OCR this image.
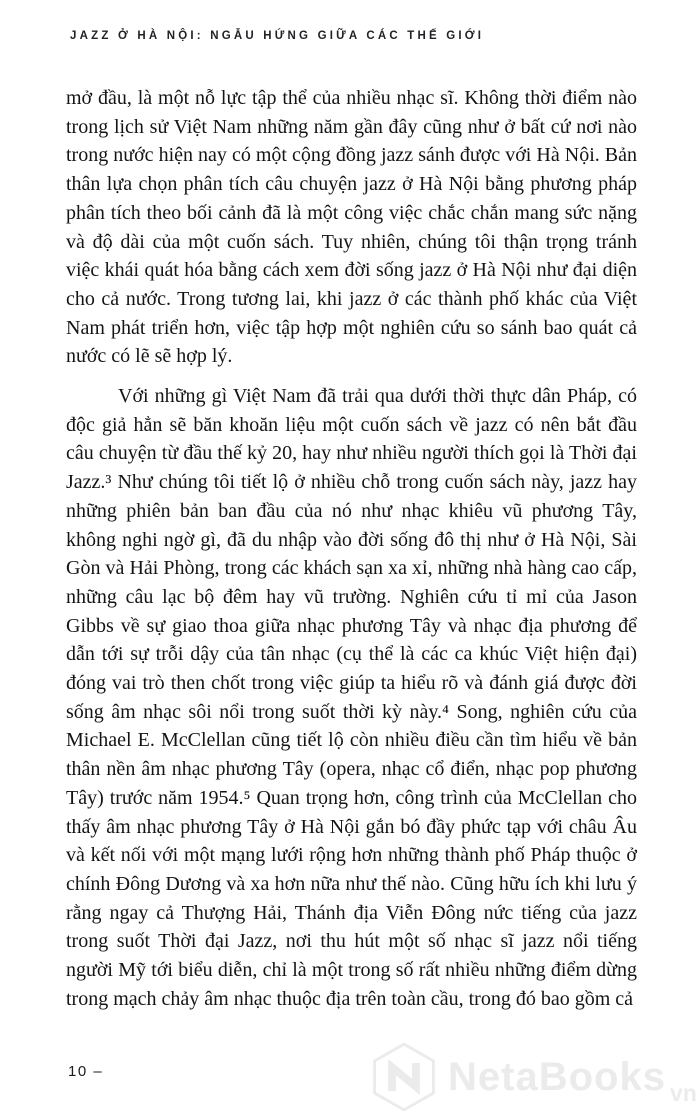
JAZZ Ở HÀ NỘI: NGẪU HỨNG GIỮA CÁC THẾ GIỚI

mở đầu, là một nỗ lực tập thể của nhiều nhạc sĩ. Không thời điểm nào trong lịch sử Việt Nam những năm gần đây cũng như ở bất cứ nơi nào trong nước hiện nay có một cộng đồng jazz sánh được với Hà Nội. Bản thân lựa chọn phân tích câu chuyện jazz ở Hà Nội bằng phương pháp phân tích theo bối cảnh đã là một công việc chắc chắn mang sức nặng và độ dài của một cuốn sách. Tuy nhiên, chúng tôi thận trọng tránh việc khái quát hóa bằng cách xem đời sống jazz ở Hà Nội như đại diện cho cả nước. Trong tương lai, khi jazz ở các thành phố khác của Việt Nam phát triển hơn, việc tập hợp một nghiên cứu so sánh bao quát cả nước có lẽ sẽ hợp lý.

Với những gì Việt Nam đã trải qua dưới thời thực dân Pháp, có độc giả hẳn sẽ băn khoăn liệu một cuốn sách về jazz có nên bắt đầu câu chuyện từ đầu thế kỷ 20, hay như nhiều người thích gọi là Thời đại Jazz.³ Như chúng tôi tiết lộ ở nhiều chỗ trong cuốn sách này, jazz hay những phiên bản ban đầu của nó như nhạc khiêu vũ phương Tây, không nghi ngờ gì, đã du nhập vào đời sống đô thị như ở Hà Nội, Sài Gòn và Hải Phòng, trong các khách sạn xa xỉ, những nhà hàng cao cấp, những câu lạc bộ đêm hay vũ trường. Nghiên cứu tỉ mỉ của Jason Gibbs về sự giao thoa giữa nhạc phương Tây và nhạc địa phương để dẫn tới sự trỗi dậy của tân nhạc (cụ thể là các ca khúc Việt hiện đại) đóng vai trò then chốt trong việc giúp ta hiểu rõ và đánh giá được đời sống âm nhạc sôi nổi trong suốt thời kỳ này.⁴ Song, nghiên cứu của Michael E. McClellan cũng tiết lộ còn nhiều điều cần tìm hiểu về bản thân nền âm nhạc phương Tây (opera, nhạc cổ điển, nhạc pop phương Tây) trước năm 1954.⁵ Quan trọng hơn, công trình của McClellan cho thấy âm nhạc phương Tây ở Hà Nội gắn bó đầy phức tạp với châu Âu và kết nối với một mạng lưới rộng hơn những thành phố Pháp thuộc ở chính Đông Dương và xa hơn nữa như thế nào. Cũng hữu ích khi lưu ý rằng ngay cả Thượng Hải, Thánh địa Viễn Đông nức tiếng của jazz trong suốt Thời đại Jazz, nơi thu hút một số nhạc sĩ jazz nổi tiếng người Mỹ tới biểu diễn, chỉ là một trong số rất nhiều những điểm dừng trong mạch chảy âm nhạc thuộc địa trên toàn cầu, trong đó bao gồm cả

10 –	NetaBooks vn
